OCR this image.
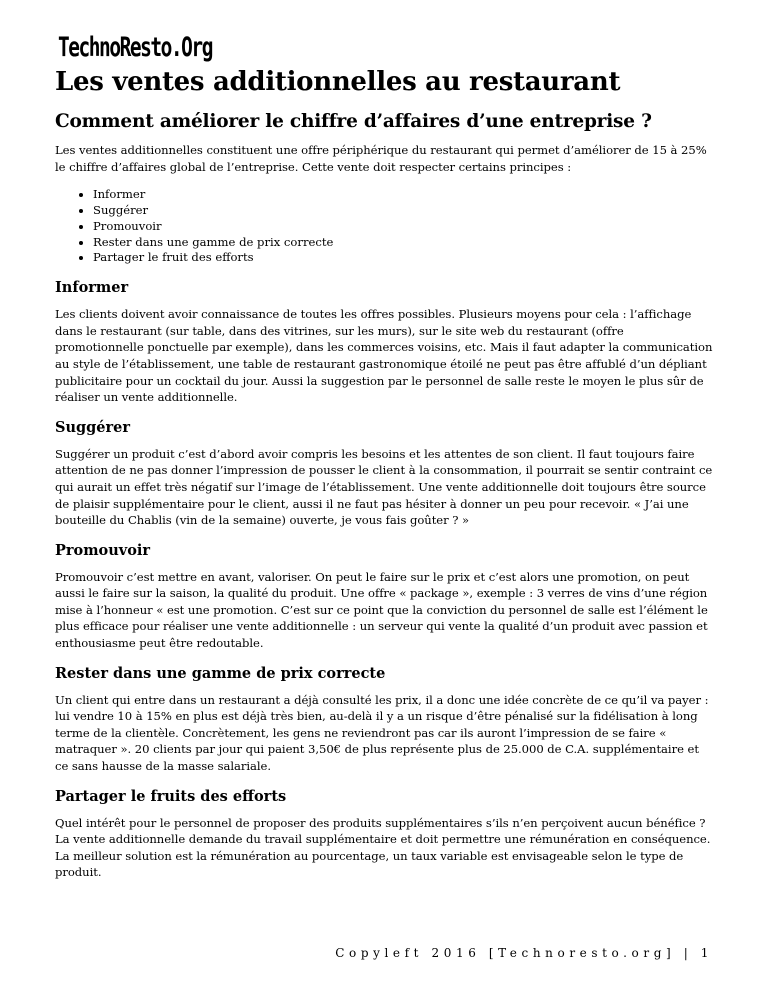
TechnoResto.Org
Les ventes additionnelles au restaurant
Comment améliorer le chiffre d’affaires d’une entreprise ?

Les ventes additionnelles constituent une offre périphérique du restaurant qui permet d’améliorer de 15 à 25% le chiffre d’affaires global de l’entreprise. Cette vente doit respecter certains principes :

• Informer
• Suggérer
• Promouvoir
• Rester dans une gamme de prix correcte
• Partager le fruit des efforts
Informer

Les clients doivent avoir connaissance de toutes les offres possibles. Plusieurs moyens pour cela : l’affichage dans le restaurant (sur table, dans des vitrines, sur les murs), sur le site web du restaurant (offre promotionnelle ponctuelle par exemple), dans les commerces voisins, etc. Mais il faut adapter la communication au style de l’établissement, une table de restaurant gastronomique étoilé ne peut pas être affublé d’un dépliant publicitaire pour un cocktail du jour. Aussi la suggestion par le personnel de salle reste le moyen le plus sûr de réaliser un vente additionnelle.

Suggérer

Suggérer un produit c’est d’abord avoir compris les besoins et les attentes de son client. Il faut toujours faire attention de ne pas donner l’impression de pousser le client à la consommation, il pourrait se sentir contraint ce qui aurait un effet très négatif sur l’image de l’établissement. Une vente additionnelle doit toujours être source de plaisir supplémentaire pour le client, aussi il ne faut pas hésiter à donner un peu pour recevoir. « J’ai une bouteille du Chablis (vin de la semaine) ouverte, je vous fais goûter ? »

Promouvoir

Promouvoir c’est mettre en avant, valoriser. On peut le faire sur le prix et c’est alors une promotion, on peut aussi le faire sur la saison, la qualité du produit. Une offre « package », exemple : 3 verres de vins d’une région mise à l’honneur « est une promotion. C’est sur ce point que la conviction du personnel de salle est l’élément le plus efficace pour réaliser une vente additionnelle : un serveur qui vente la qualité d’un produit avec passion et enthousiasme peut être redoutable.

Rester dans une gamme de prix correcte

Un client qui entre dans un restaurant a déjà consulté les prix, il a donc une idée concrète de ce qu’il va payer : lui vendre 10 à 15% en plus est déjà très bien, au-delà il y a un risque d’être pénalisé sur la fidélisation à long terme de la clientèle. Concrètement, les gens ne reviendront pas car ils auront l’impression de se faire « matraquer ». 20 clients par jour qui paient 3,50€ de plus représente plus de 25.000 de C.A. supplémentaire et ce sans hausse de la masse salariale.

Partager le fruits des efforts

Quel intérêt pour le personnel de proposer des produits supplémentaires s’ils n’en perçoivent aucun bénéfice ? La vente additionnelle demande du travail supplémentaire et doit permettre une rémunération en conséquence. La meilleur solution est la rémunération au pourcentage, un taux variable est envisageable selon le type de produit.

Copyleft 2016 [Technoresto.org] | 1
